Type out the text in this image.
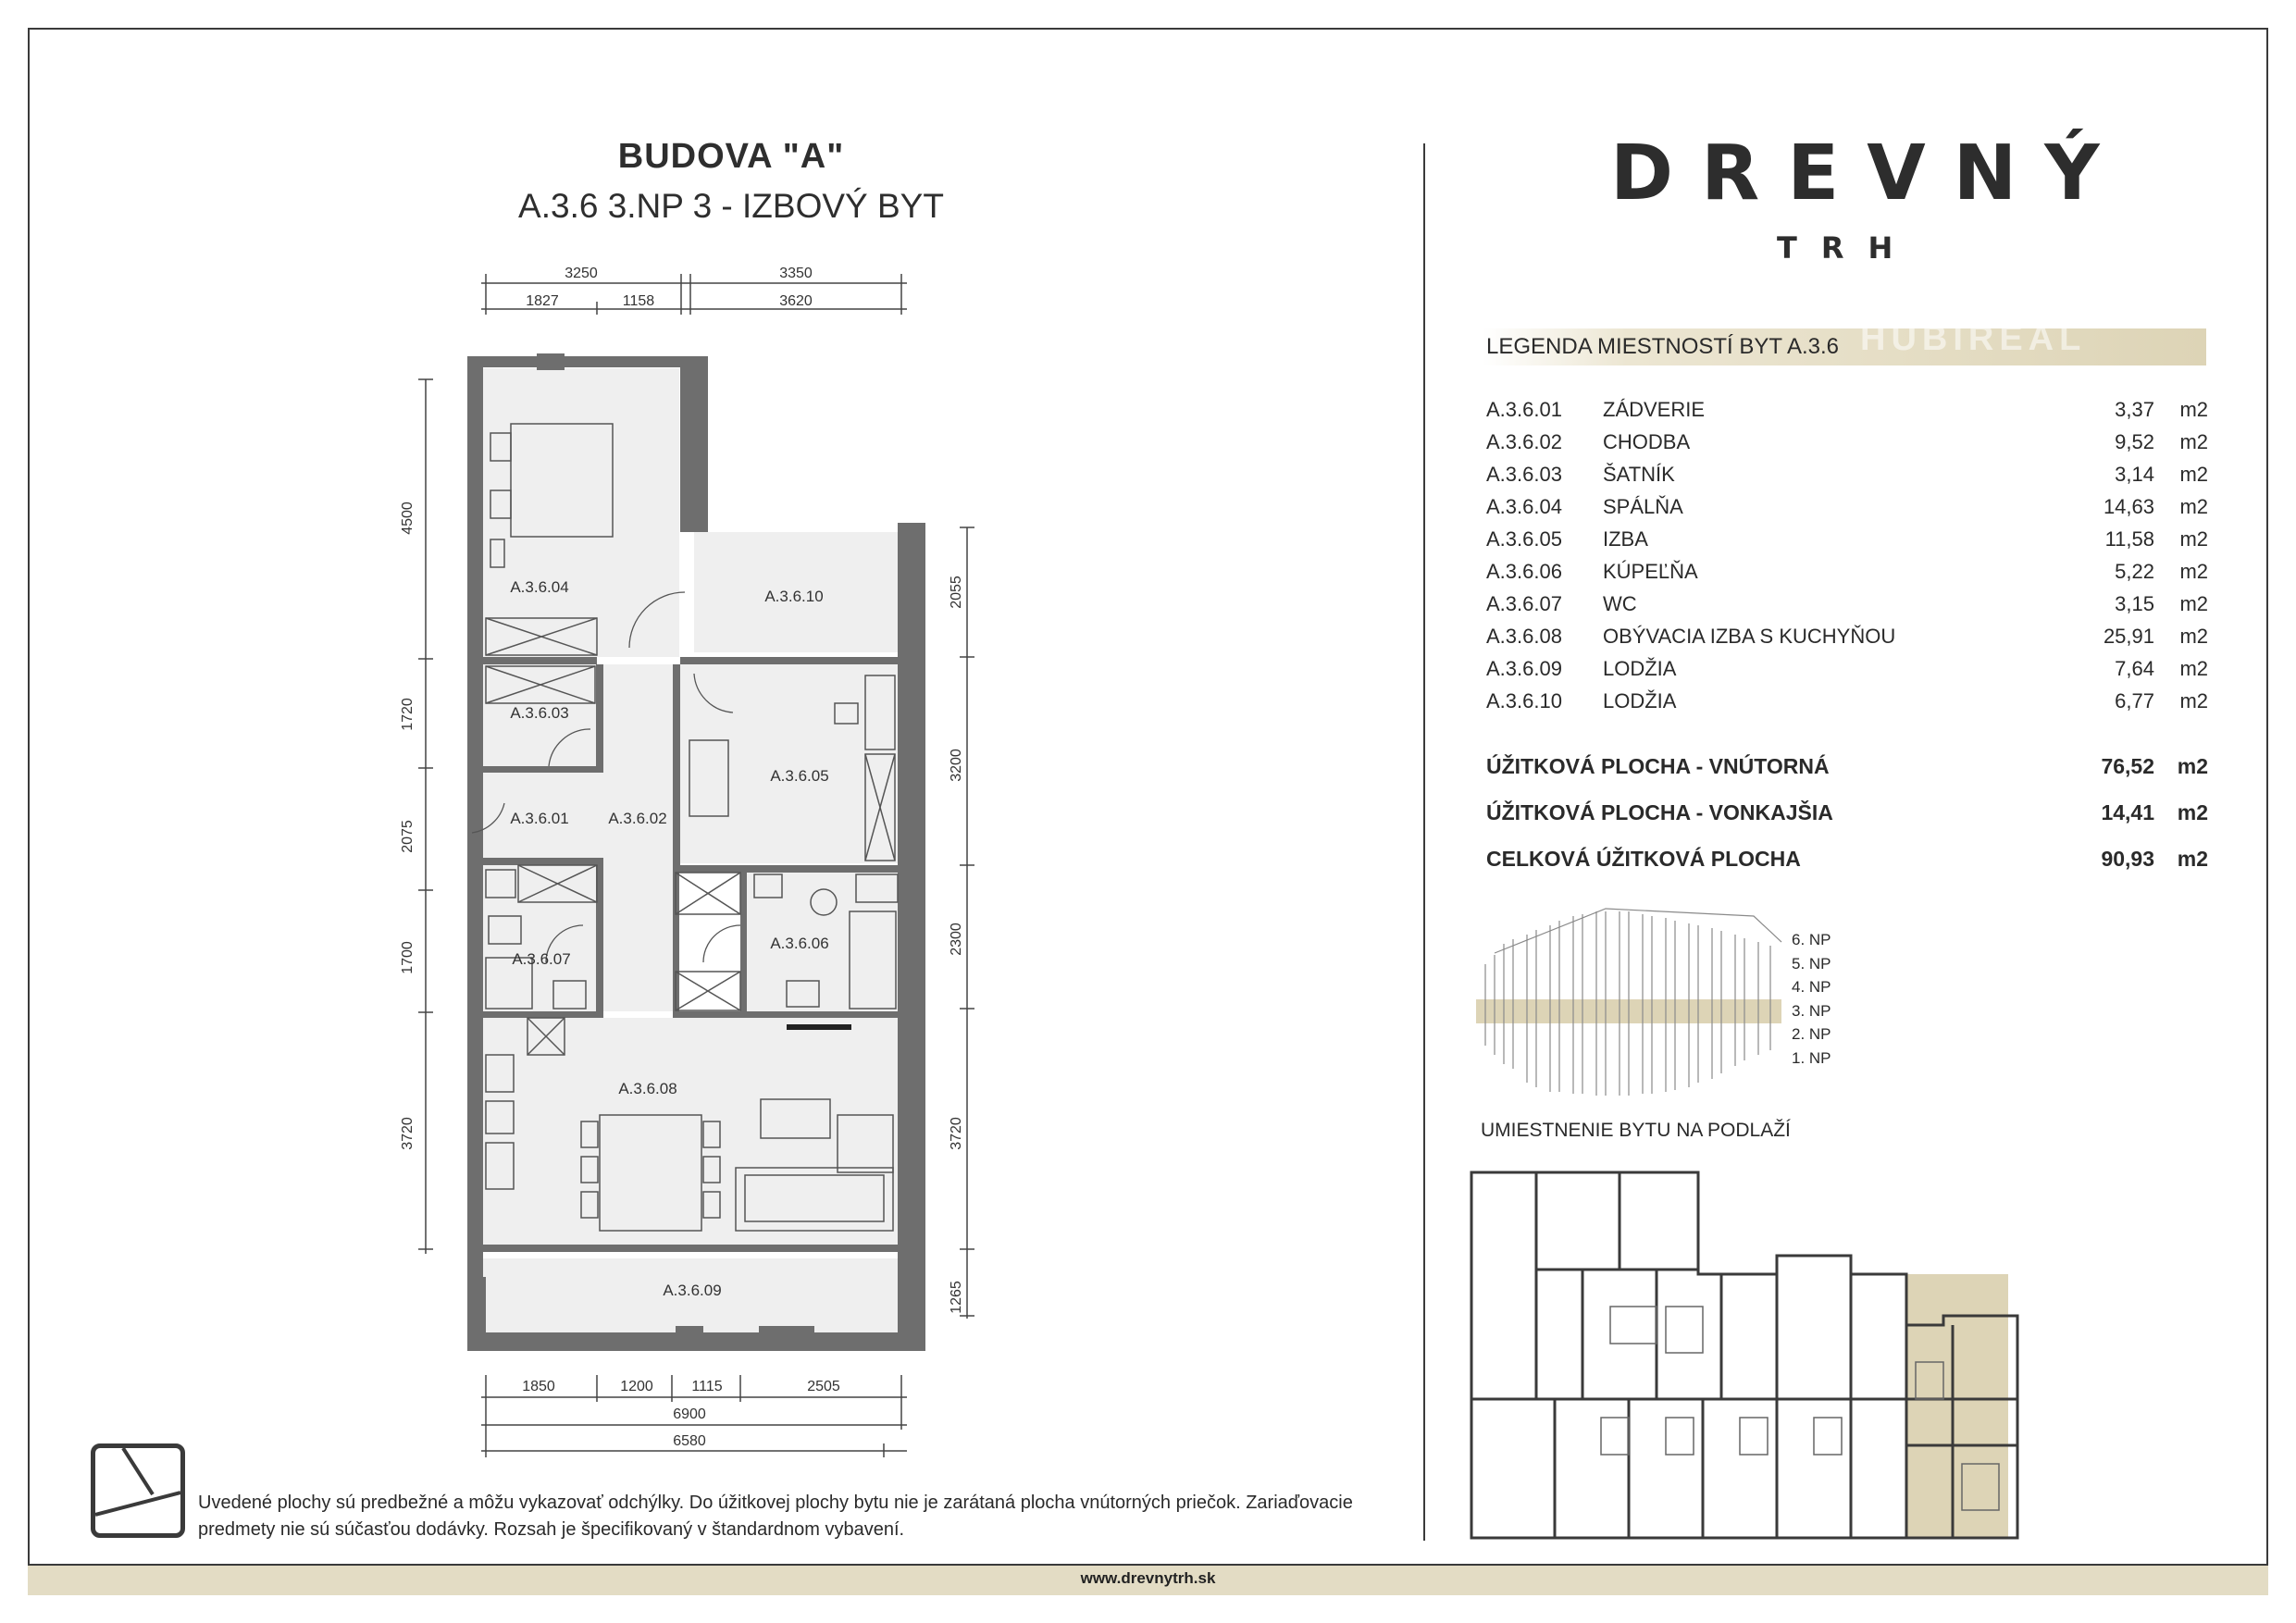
BUDOVA "A"
A.3.6 3.NP 3 - IZBOVÝ BYT
3250	3350
1827	1158	3620
4500
1720
2075
1700
3720
2055
3200
2300
3720
1265
1850	1200	1115	2505
6900
6580
A.3.6.04
A.3.6.10
A.3.6.03
A.3.6.05
A.3.6.01	A.3.6.02
A.3.6.07
A.3.6.06
A.3.6.08
A.3.6.09
DREVNÝ
TRH
LEGENDA MIESTNOSTÍ BYT A.3.6 HUBIREAL
A.3.6.01 ZÁDVERIE	3,37 m2
A.3.6.02 CHODBA	9,52 m2
A.3.6.03 ŠATNÍK	3,14 m2
A.3.6.04 SPÁLŇA	14,63 m2
A.3.6.05 IZBA	11,58 m2
A.3.6.06 KÚPEĽŇA	5,22 m2
A.3.6.07 WC	3,15 m2
A.3.6.08 OBÝVACIA IZBA S KUCHYŇOU	25,91 m2
A.3.6.09 LODŽIA	7,64 m2
A.3.6.10 LODŽIA	6,77 m2
ÚŽITKOVÁ PLOCHA - VNÚTORNÁ	76,52 m2
ÚŽITKOVÁ PLOCHA - VONKAJŠIA	14,41 m2
CELKOVÁ ÚŽITKOVÁ PLOCHA	90,93 m2
6. NP
5. NP
4. NP
3. NP
2. NP
1. NP
UMIESTNENIE BYTU NA PODLAŽÍ
Uvedené plochy sú predbežné a môžu vykazovať odchýlky. Do úžitkovej plochy bytu nie je zarátaná plocha vnútorných priečok. Zariaďovacie predmety nie sú súčasťou dodávky. Rozsah je špecifikovaný v štandardnom vybavení.
www.drevnytrh.sk
